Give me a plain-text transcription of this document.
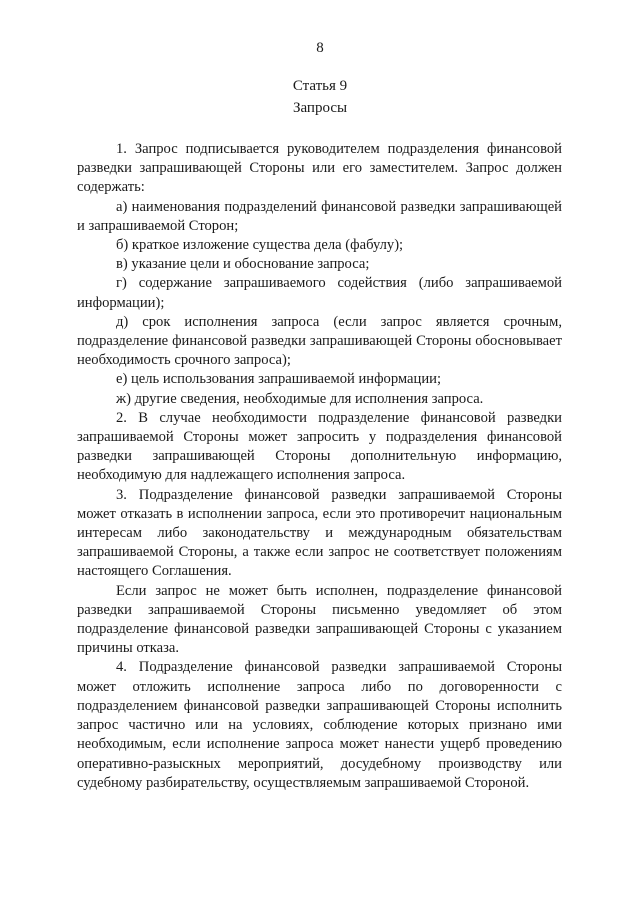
8
Статья 9
Запросы

1. Запрос подписывается руководителем подразделения финансовой разведки запрашивающей Стороны или его заместителем. Запрос должен содержать:

а) наименования подразделений финансовой разведки запрашивающей и запрашиваемой Сторон;

б) краткое изложение существа дела (фабулу);

в) указание цели и обоснование запроса;

г) содержание запрашиваемого содействия (либо запрашиваемой информации);

д) срок исполнения запроса (если запрос является срочным, подразделение финансовой разведки запрашивающей Стороны обосновывает необходимость срочного запроса);

е) цель использования запрашиваемой информации;

ж) другие сведения, необходимые для исполнения запроса.

2. В случае необходимости подразделение финансовой разведки запрашиваемой Стороны может запросить у подразделения финансовой разведки запрашивающей Стороны дополнительную информацию, необходимую для надлежащего исполнения запроса.

3. Подразделение финансовой разведки запрашиваемой Стороны может отказать в исполнении запроса, если это противоречит национальным интересам либо законодательству и международным обязательствам запрашиваемой Стороны, а также если запрос не соответствует положениям настоящего Соглашения.

Если запрос не может быть исполнен, подразделение финансовой разведки запрашиваемой Стороны письменно уведомляет об этом подразделение финансовой разведки запрашивающей Стороны с указанием причины отказа.

4. Подразделение финансовой разведки запрашиваемой Стороны может отложить исполнение запроса либо по договоренности с подразделением финансовой разведки запрашивающей Стороны исполнить запрос частично или на условиях, соблюдение которых признано ими необходимым, если исполнение запроса может нанести ущерб проведению оперативно-разыскных мероприятий, досудебному производству или судебному разбирательству, осуществляемым запрашиваемой Стороной.
